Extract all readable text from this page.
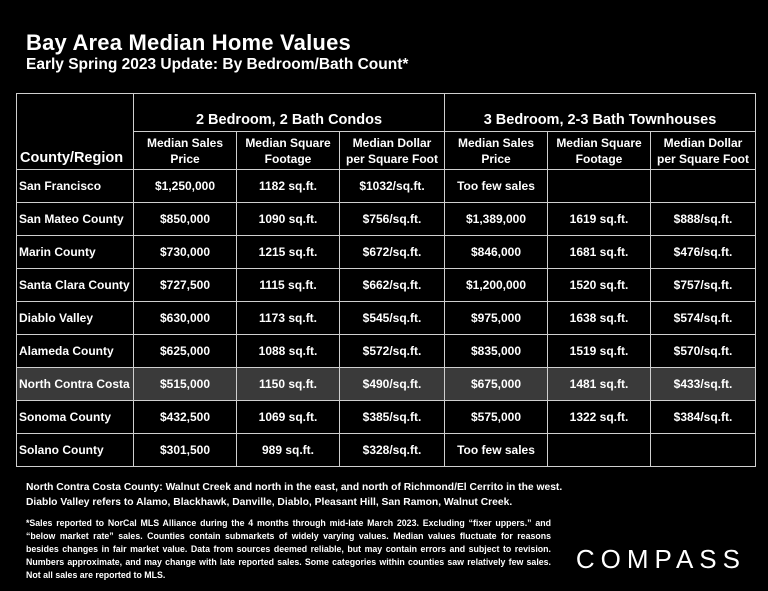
Bay Area Median Home Values
Early Spring 2023 Update: By Bedroom/Bath Count*
County/Region	2 Bedroom, 2 Bath Condos			3 Bedroom, 2-3 Bath Townhouses		
	Median Sales Price	Median Square Footage	Median Dollar per Square Foot	Median Sales Price	Median Square Footage	Median Dollar per Square Foot
San Francisco	$1,250,000	1182 sq.ft.	$1032/sq.ft.	Too few sales		
San Mateo County	$850,000	1090 sq.ft.	$756/sq.ft.	$1,389,000	1619 sq.ft.	$888/sq.ft.
Marin County	$730,000	1215 sq.ft.	$672/sq.ft.	$846,000	1681 sq.ft.	$476/sq.ft.
Santa Clara County	$727,500	1115 sq.ft.	$662/sq.ft.	$1,200,000	1520 sq.ft.	$757/sq.ft.
Diablo Valley	$630,000	1173 sq.ft.	$545/sq.ft.	$975,000	1638 sq.ft.	$574/sq.ft.
Alameda County	$625,000	1088 sq.ft.	$572/sq.ft.	$835,000	1519 sq.ft.	$570/sq.ft.
North Contra Costa	$515,000	1150 sq.ft.	$490/sq.ft.	$675,000	1481 sq.ft.	$433/sq.ft.
Sonoma County	$432,500	1069 sq.ft.	$385/sq.ft.	$575,000	1322 sq.ft.	$384/sq.ft.
Solano County	$301,500	989 sq.ft.	$328/sq.ft.	Too few sales		
North Contra Costa County: Walnut Creek and north in the east, and north of Richmond/El Cerrito in the west. Diablo Valley refers to Alamo, Blackhawk, Danville, Diablo, Pleasant Hill, San Ramon, Walnut Creek.
*Sales reported to NorCal MLS Alliance during the 4 months through mid-late March 2023. Excluding “fixer uppers.” and “below market rate” sales. Counties contain submarkets of widely varying values. Median values fluctuate for reasons besides changes in fair market value. Data from sources deemed reliable, but may contain errors and subject to revision. Numbers approximate, and may change with late reported sales. Some categories within counties saw relatively few sales. Not all sales are reported to MLS.
COMPASS
